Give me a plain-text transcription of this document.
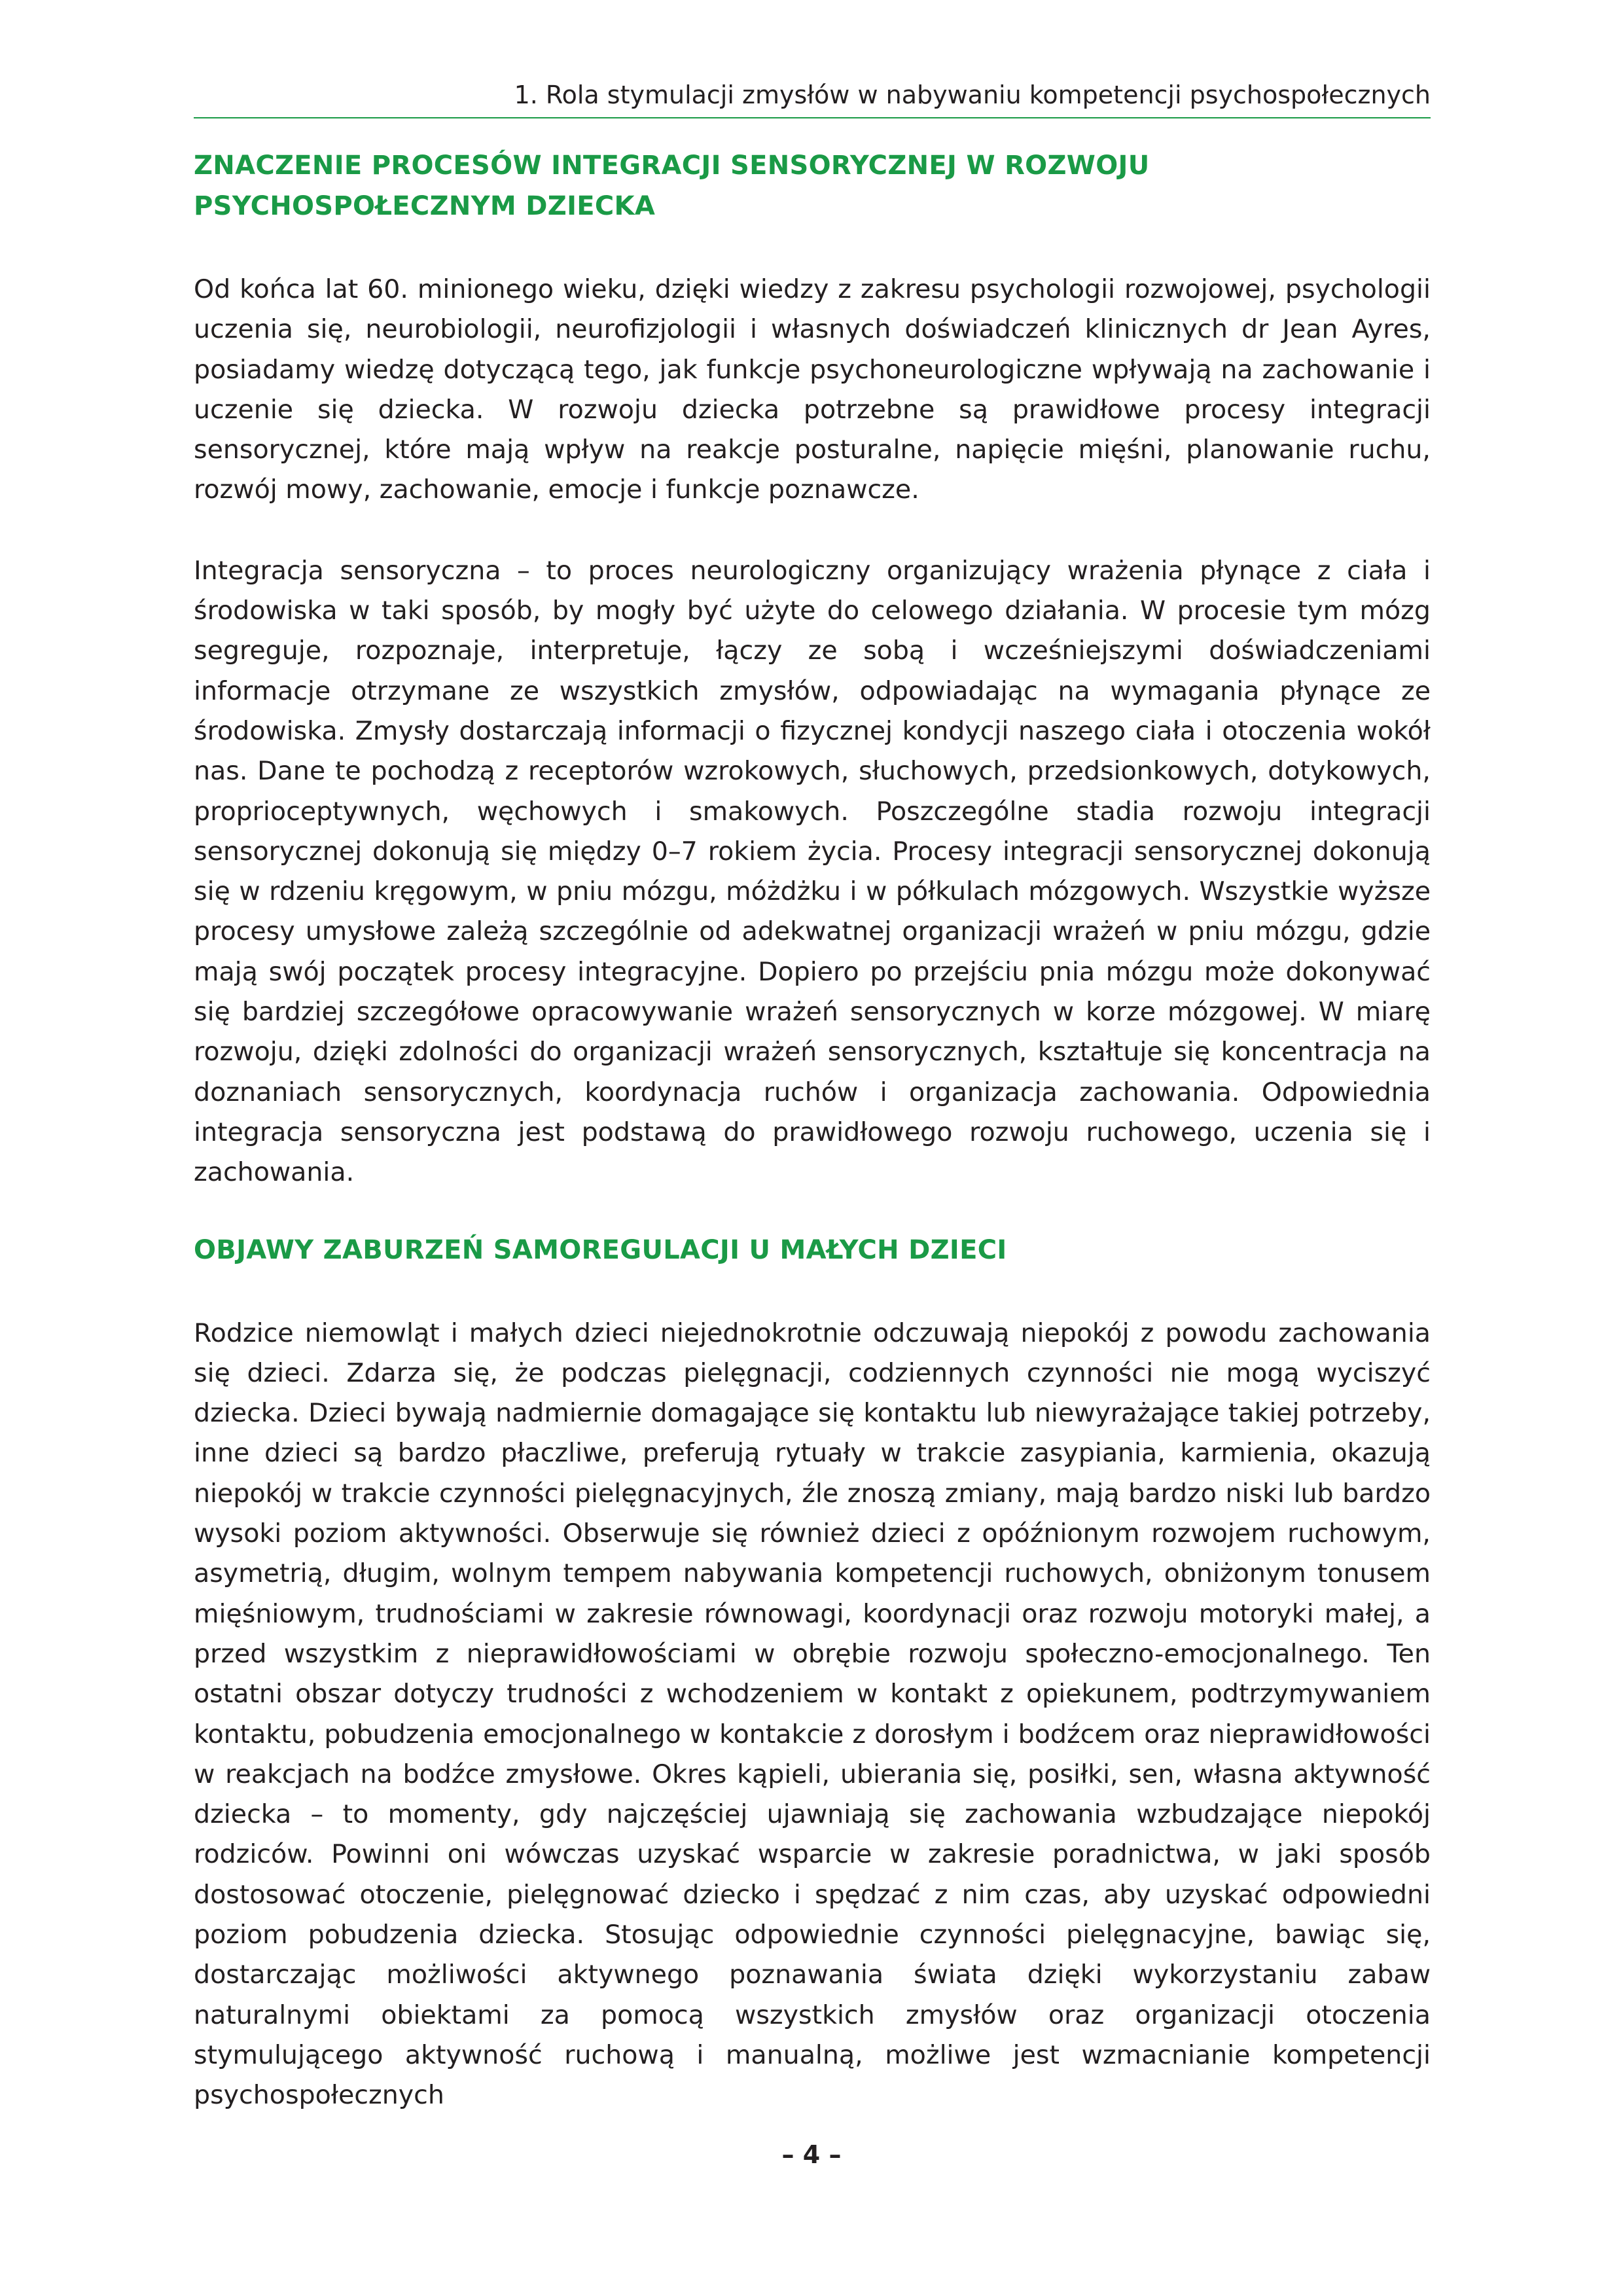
1. Rola stymulacji zmysłów w nabywaniu kompetencji psychospołecznych
ZNACZENIE PROCESÓW INTEGRACJI SENSORYCZNEJ W ROZWOJU
PSYCHOSPOŁECZNYM DZIECKA

Od końca lat 60. minionego wieku, dzięki wiedzy z zakresu psychologii rozwojowej, psychologii uczenia się, neurobiologii, neurofizjologii i własnych doświadczeń klinicznych dr Jean Ayres, posiadamy wiedzę dotyczącą tego, jak funkcje psychoneurologiczne wpływają na zachowanie i uczenie się dziecka. W rozwoju dziecka potrzebne są prawidłowe procesy integracji sensorycznej, które mają wpływ na reakcje posturalne, napięcie mięśni, planowanie ruchu, rozwój mowy, zachowanie, emocje i funkcje poznawcze.

Integracja sensoryczna – to proces neurologiczny organizujący wrażenia płynące z ciała i środowiska w taki sposób, by mogły być użyte do celowego działania. W procesie tym mózg segreguje, rozpoznaje, interpretuje, łączy ze sobą i wcześniejszymi doświadczeniami informacje otrzymane ze wszystkich zmysłów, odpowiadając na wymagania płynące ze środowiska. Zmysły dostarczają informacji o fizycznej kondycji naszego ciała i otoczenia wokół nas. Dane te pochodzą z receptorów wzrokowych, słuchowych, przedsionkowych, dotykowych, proprioceptywnych, węchowych i smakowych. Poszczególne stadia rozwoju integracji sensorycznej dokonują się między 0–7 rokiem życia. Procesy integracji sensorycznej dokonują się w rdzeniu kręgowym, w pniu mózgu, móżdżku i w półkulach mózgowych. Wszystkie wyższe procesy umysłowe zależą szczególnie od adekwatnej organizacji wrażeń w pniu mózgu, gdzie mają swój początek procesy integracyjne. Dopiero po przejściu pnia mózgu może dokonywać się bardziej szczegółowe opracowywanie wrażeń sensorycznych w korze mózgowej. W miarę rozwoju, dzięki zdolności do organizacji wrażeń sensorycznych, kształtuje się koncentracja na doznaniach sensorycznych, koordynacja ruchów i organizacja zachowania. Odpowiednia integracja sensoryczna jest podstawą do prawidłowego rozwoju ruchowego, uczenia się i zachowania.

OBJAWY ZABURZEŃ SAMOREGULACJI U MAŁYCH DZIECI

Rodzice niemowląt i małych dzieci niejednokrotnie odczuwają niepokój z powodu zachowania się dzieci. Zdarza się, że podczas pielęgnacji, codziennych czynności nie mogą wyciszyć dziecka. Dzieci bywają nadmiernie domagające się kontaktu lub niewyrażające takiej potrzeby, inne dzieci są bardzo płaczliwe, preferują rytuały w trakcie zasypiania, karmienia, okazują niepokój w trakcie czynności pielęgnacyjnych, źle znoszą zmiany, mają bardzo niski lub bardzo wysoki poziom aktywności. Obserwuje się również dzieci z opóźnionym rozwojem ruchowym, asymetrią, długim, wolnym tempem nabywania kompetencji ruchowych, obniżonym tonusem mięśniowym, trudnościami w zakresie równowagi, koordynacji oraz rozwoju motoryki małej, a przed wszystkim z nieprawidłowościami w obrębie rozwoju społeczno-emocjonalnego. Ten ostatni obszar dotyczy trudności z wchodzeniem w kontakt z opiekunem, podtrzymywaniem kontaktu, pobudzenia emocjonalnego w kontakcie z dorosłym i bodźcem oraz nieprawidłowości w reakcjach na bodźce zmysłowe. Okres kąpieli, ubierania się, posiłki, sen, własna aktywność dziecka – to momenty, gdy najczęściej ujawniają się zachowania wzbudzające niepokój rodziców. Powinni oni wówczas uzyskać wsparcie w zakresie poradnictwa, w jaki sposób dostosować otoczenie, pielęgnować dziecko i spędzać z nim czas, aby uzyskać odpowiedni poziom pobudzenia dziecka. Stosując odpowiednie czynności pielęgnacyjne, bawiąc się, dostarczając możliwości aktywnego poznawania świata dzięki wykorzystaniu zabaw naturalnymi obiektami za pomocą wszystkich zmysłów oraz organizacji otoczenia stymulującego aktywność ruchową i manualną, możliwe jest wzmacnianie kompetencji psychospołecznych

– 4 –
